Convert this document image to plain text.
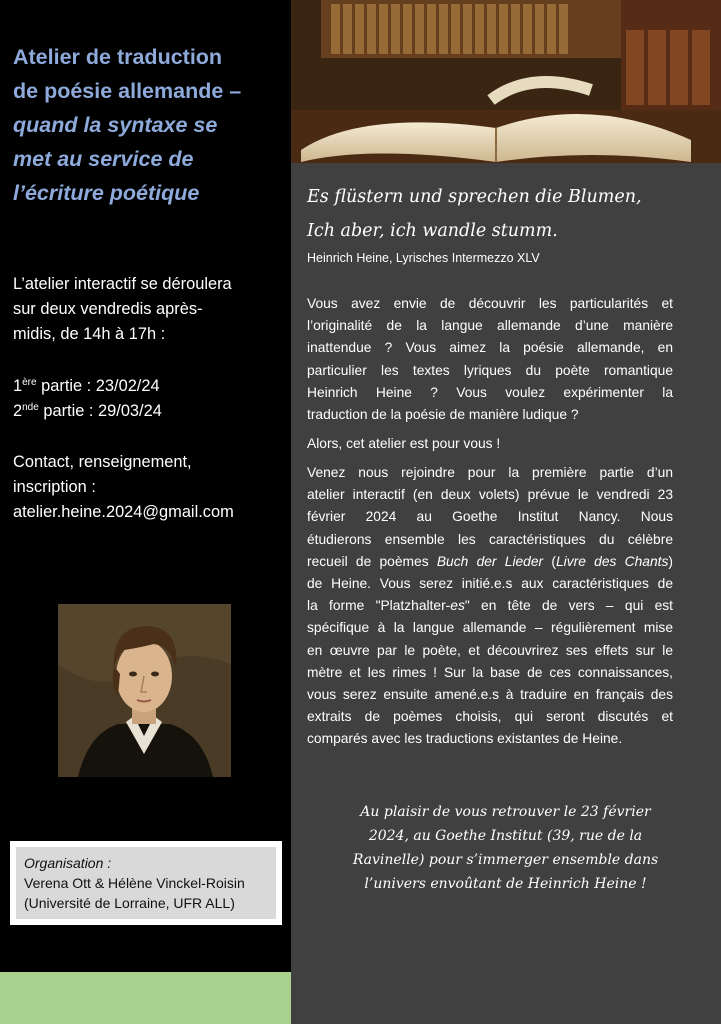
Atelier de traduction
de poésie allemande –
quand la syntaxe se
met au service de
l’écriture poétique
L’atelier interactif se déroulera
sur deux vendredis après-
midis, de 14h à 17h :
1ère partie : 23/02/24
2nde partie : 29/03/24
Contact, renseignement,
inscription :
atelier.heine.2024@gmail.com
Organisation :
Verena Ott & Hélène Vinckel-Roisin
(Université de Lorraine, UFR ALL)
Es flüstern und sprechen die Blumen,
Ich aber, ich wandle stumm.
Heinrich Heine, Lyrisches Intermezzo XLV
Vous avez envie de découvrir les particularités et
l’originalité de la langue allemande d’une manière
inattendue ? Vous aimez la poésie allemande, en
particulier les textes lyriques du poète romantique
Heinrich Heine ? Vous voulez expérimenter la
traduction de la poésie de manière ludique ?
Alors, cet atelier est pour vous !
Venez nous rejoindre pour la première partie d’un
atelier interactif (en deux volets) prévue le vendredi 23
février 2024 au Goethe Institut Nancy. Nous
étudierons ensemble les caractéristiques du célèbre
recueil de poèmes Buch der Lieder (Livre des Chants)
de Heine. Vous serez initié.e.s aux caractéristiques de
la forme "Platzhalter-es" en tête de vers – qui est
spécifique à la langue allemande – régulièrement mise
en œuvre par le poète, et découvrirez ses effets sur le
mètre et les rimes ! Sur la base de ces connaissances,
vous serez ensuite amené.e.s à traduire en français des
extraits de poèmes choisis, qui seront discutés et
comparés avec les traductions existantes de Heine.
Au plaisir de vous retrouver le 23 février
2024, au Goethe Institut (39, rue de la
Ravinelle) pour s’immerger ensemble dans
l’univers envoûtant de Heinrich Heine !
